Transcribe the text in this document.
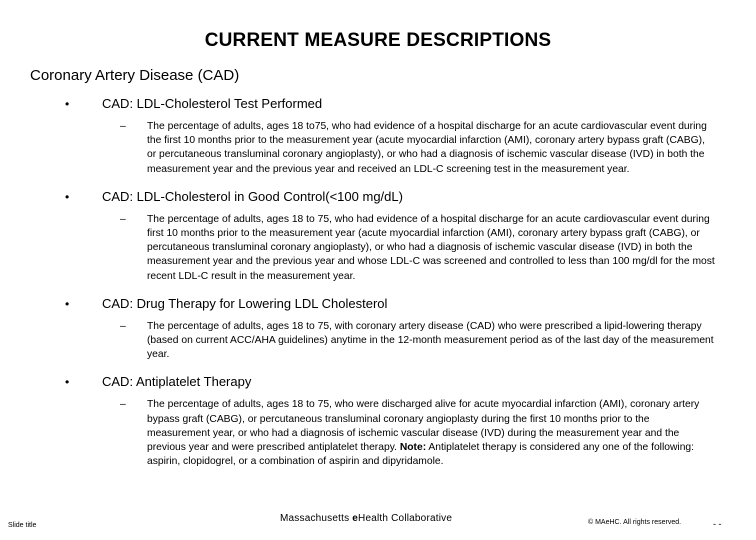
CURRENT MEASURE DESCRIPTIONS
Coronary Artery Disease (CAD)
•	CAD: LDL-Cholesterol Test Performed
– The percentage of adults, ages 18 to75, who had evidence of a hospital discharge for an acute cardiovascular event during the first 10 months prior to the measurement year (acute myocardial infarction (AMI), coronary artery bypass graft (CABG), or percutaneous transluminal coronary angioplasty), or who had a diagnosis of ischemic vascular disease (IVD) in both the measurement year and the previous year and received an LDL-C screening test in the measurement year.
•	CAD: LDL-Cholesterol in Good Control(<100 mg/dL)
– The percentage of adults, ages 18 to 75, who had evidence of a hospital discharge for an acute cardiovascular event during first 10 months prior to the measurement year (acute myocardial infarction (AMI), coronary artery bypass graft (CABG), or percutaneous transluminal coronary angioplasty), or who had a diagnosis of ischemic vascular disease (IVD) in both the measurement year and the previous year and whose LDL-C was screened and controlled to less than 100 mg/dl for the most recent LDL-C result in the measurement year.
•	CAD: Drug Therapy for Lowering LDL Cholesterol
– The percentage of adults, ages 18 to 75, with coronary artery disease (CAD) who were prescribed a lipid-lowering therapy (based on current ACC/AHA guidelines) anytime in the 12-month measurement period as of the last day of the measurement year.
•	CAD: Antiplatelet Therapy
– The percentage of adults, ages 18 to 75, who were discharged alive for acute myocardial infarction (AMI), coronary artery bypass graft (CABG), or percutaneous transluminal coronary angioplasty during the first 10 months prior to the measurement year, or who had a diagnosis of ischemic vascular disease (IVD) during the measurement year and the previous year and were prescribed antiplatelet therapy. Note: Antiplatelet therapy is considered any one of the following: aspirin, clopidogrel, or a combination of aspirin and dipyridamole.
Slide title
Massachusetts eHealth Collaborative	© MAeHC. All rights reserved.	- -
